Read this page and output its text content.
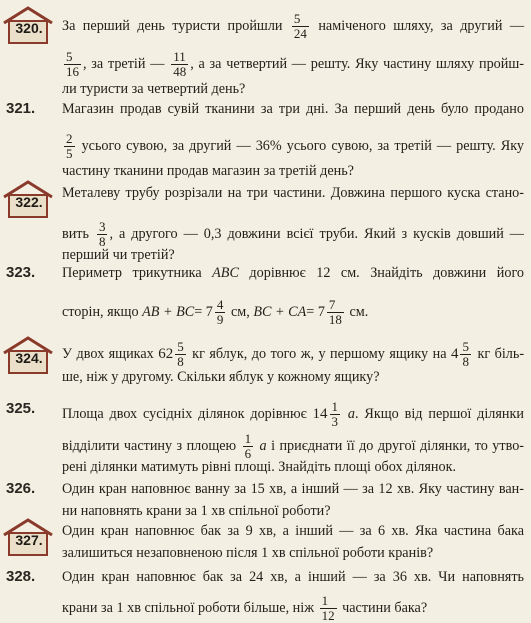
320.	За перший день туристи пройшли $\frac{5}{24}$ наміченого шляху, за другий —
$\frac{5}{16}$ , за третій — $\frac{11}{48}$ , а за четвертий — решту. Яку частину шляху пройш-
ли туристи за четвертий день?
321.	Магазин продав сувій тканини за три дні. За перший день було продано
$\frac{2}{5}$ усього сувою, за другий — 36% усього сувою, за третій — решту. Яку
частину тканини продав магазин за третій день?
322.
Металеву трубу розрізали на три частини. Довжина першого куска стано-
вить $\frac{3}{8}$ , а другого — 0,3 довжини всієї труби. Який з кусків довший —
перший чи третій?
323.	Периметр трикутника ABC дорівнює 12 см. Знайдіть довжини його
сторін, якщо AB + $BC= 7 \frac{4}{9}$ см, BC + $CA= 7 \frac{7}{18}$ см.
324.	У двох ящиках $62 \frac{5}{8}$ кг яблук, до того ж, у першому ящику на $4 \frac{5}{8}$ кг біль-
ше, ніж у другому. Скільки яблук у кожному ящику?
325.	Площа двох сусідніх ділянок дорівнює $14 \frac{1}{3} a$. Якщо від першої ділянки
відділити частину з площею $\frac{1}{6}$ a і приєднати її до другої ділянки, то утво-
рені ділянки матимуть рівні площі. Знайдіть площі обох ділянок.
326.	Один кран наповнює ванну за 15 хв, а інший — за 12 хв. Яку частину ван-
ни наповнять крани за 1 хв спільної роботи?
327.
Один кран наповнює бак за 9 хв, а інший — за 6 хв. Яка частина бака
залишиться незаповненою після 1 хв спільної роботи кранів?
328.	Один кран наповнює бак за 24 хв, а інший — за 36 хв. Чи наповнять
крани за 1 хв спільної роботи більше, ніж $\frac{1}{12}$ частини бака?
